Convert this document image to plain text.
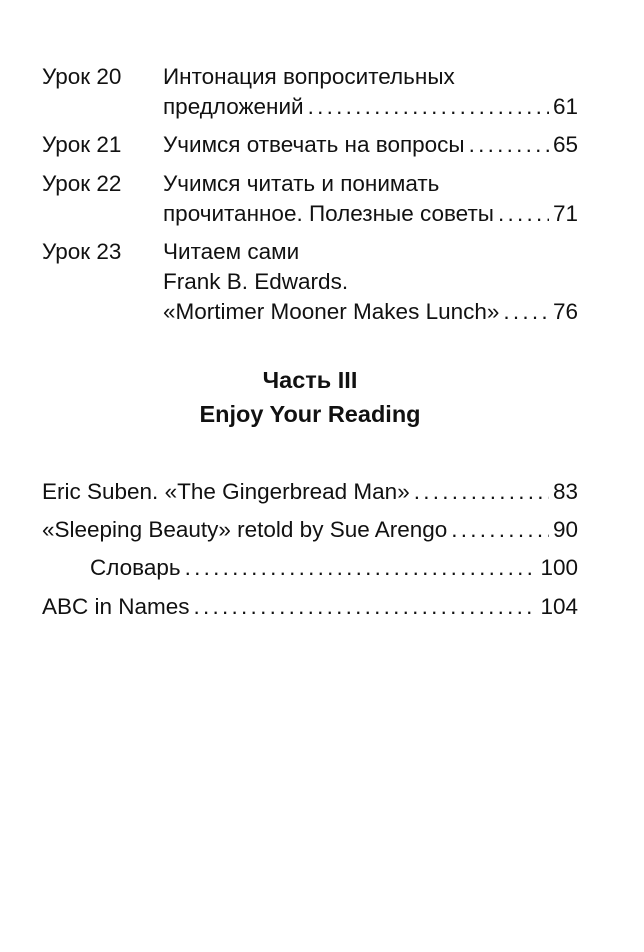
Урок 20 Интонация вопросительных
предложений . . .	61
Урок 21 Учимся отвечать на вопросы . . .	65
Урок 22 Учимся читать и понимать
прочитанное. Полезные советы . . .	71
Урок 23 Читаем сами
Frank B. Edwards.
«Mortimer Mooner Makes Lunch» . . . 76
Часть III
Enjoy Your Reading
Eric Suben. «The Gingerbread Man» . . .	83
«Sleeping Beauty» retold by Sue Arengo . . .	90
Словарь . . .	100
ABC in Names . . .	104
